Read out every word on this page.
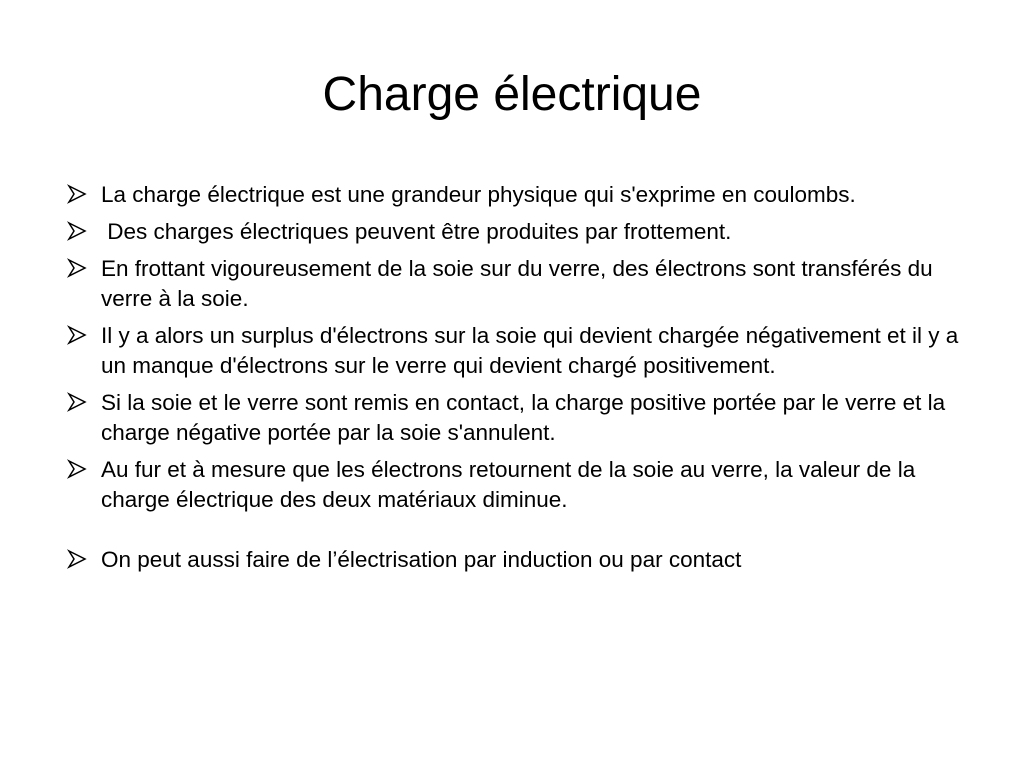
Charge électrique
La charge électrique est une grandeur physique qui s'exprime en coulombs.
Des charges électriques peuvent être produites par frottement.
En frottant vigoureusement de la soie sur du verre, des électrons sont transférés du verre à la soie.
Il y a alors un surplus d'électrons sur la soie qui devient chargée négativement et il y a un manque d'électrons sur le verre qui devient chargé positivement.
Si la soie et le verre sont remis en contact, la charge positive portée par le verre et la charge négative portée par la soie s'annulent.
Au fur et à mesure que les électrons retournent de la soie au verre, la valeur de la charge électrique des deux matériaux diminue.
On peut aussi faire de l’électrisation par induction ou par contact
